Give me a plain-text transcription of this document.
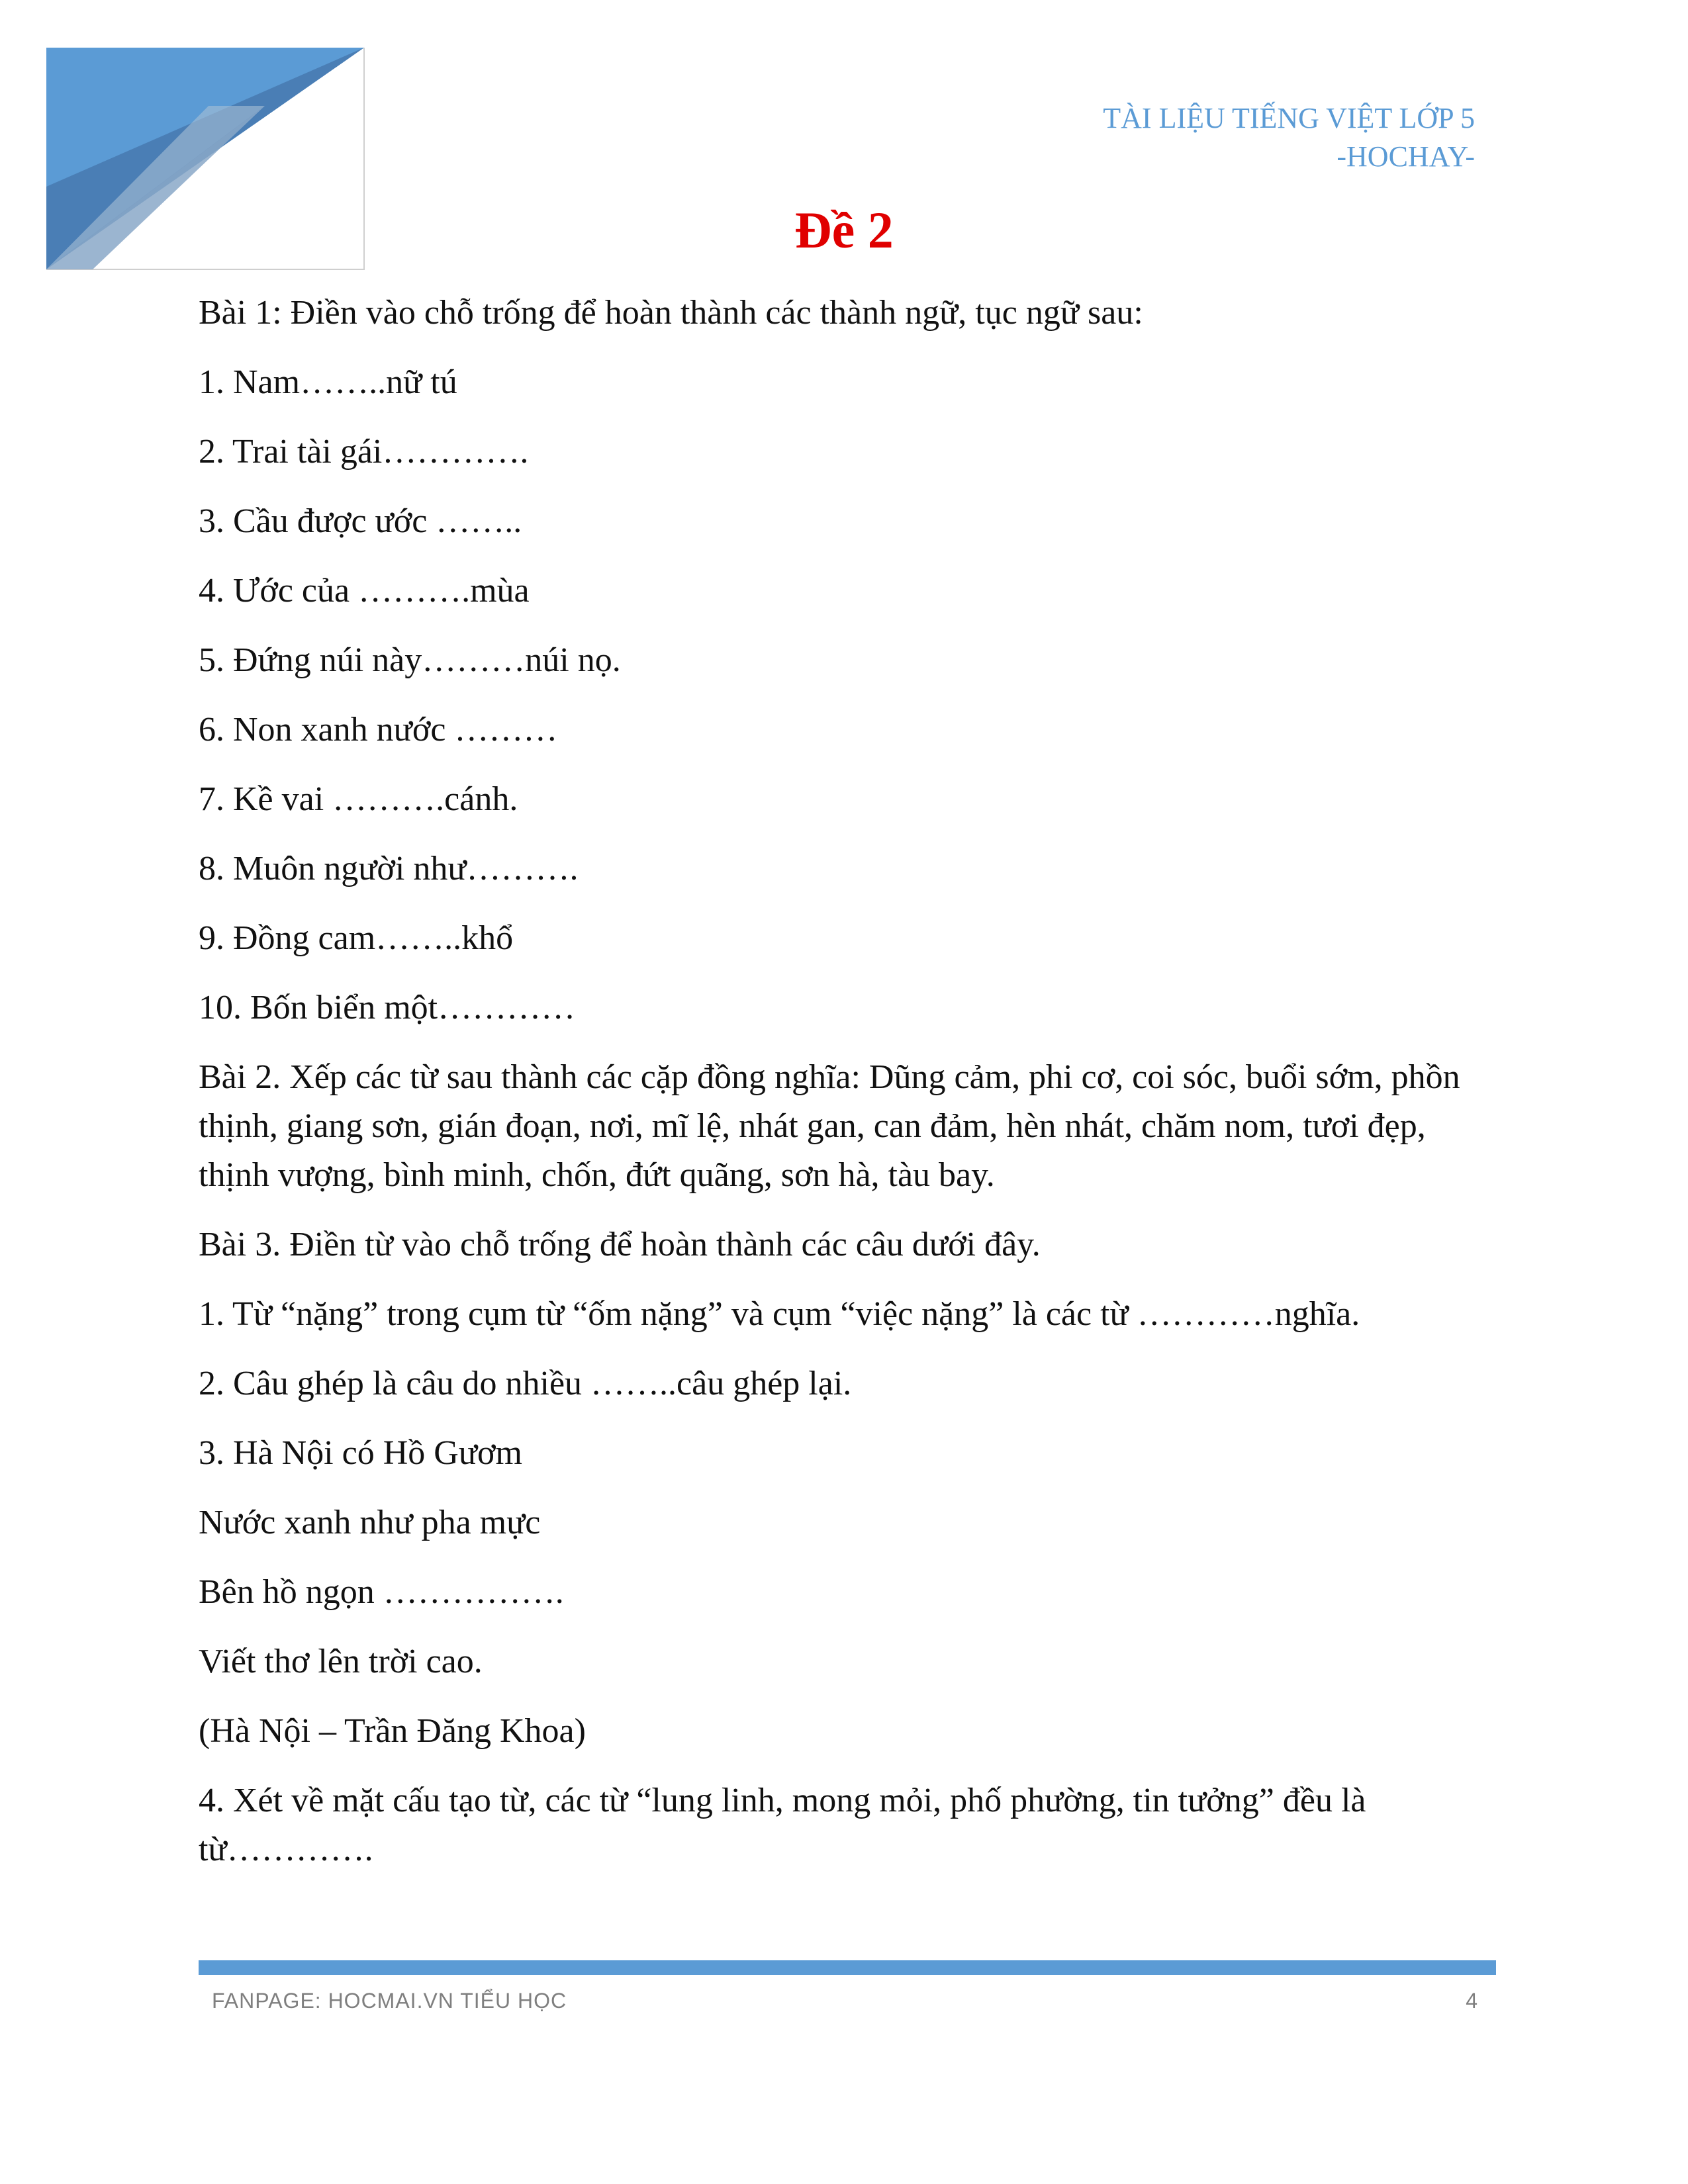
TÀI LIỆU TIẾNG VIỆT LỚP 5
-HOCHAY-
Đề 2

Bài 1: Điền vào chỗ trống để hoàn thành các thành ngữ, tục ngữ sau:

1. Nam……..nữ tú

2. Trai tài gái………….

3. Cầu được ước ……..

4. Ước của ……….mùa

5. Đứng núi này………núi nọ.

6. Non xanh nước ………

7. Kề vai ……….cánh.

8. Muôn người như……….

9. Đồng cam……..khổ

10. Bốn biển một…………

Bài 2. Xếp các từ sau thành các cặp đồng nghĩa: Dũng cảm, phi cơ, coi sóc, buổi sớm, phồn thịnh, giang sơn, gián đoạn, nơi, mĩ lệ, nhát gan, can đảm, hèn nhát, chăm nom, tươi đẹp, thịnh vượng, bình minh, chốn, đứt quãng, sơn hà, tàu bay.

Bài 3. Điền từ vào chỗ trống để hoàn thành các câu dưới đây.

1. Từ “nặng” trong cụm từ “ốm nặng” và cụm “việc nặng” là các từ …………nghĩa.

2. Câu ghép là câu do nhiều ……..câu ghép lại.

3. Hà Nội có Hồ Gươm

Nước xanh như pha mực

Bên hồ ngọn …………….

Viết thơ lên trời cao.

(Hà Nội – Trần Đăng Khoa)

4. Xét về mặt cấu tạo từ, các từ “lung linh, mong mỏi, phố phường, tin tưởng” đều là từ………….

FANPAGE: HOCMAI.VN TIỂU HỌC	4
